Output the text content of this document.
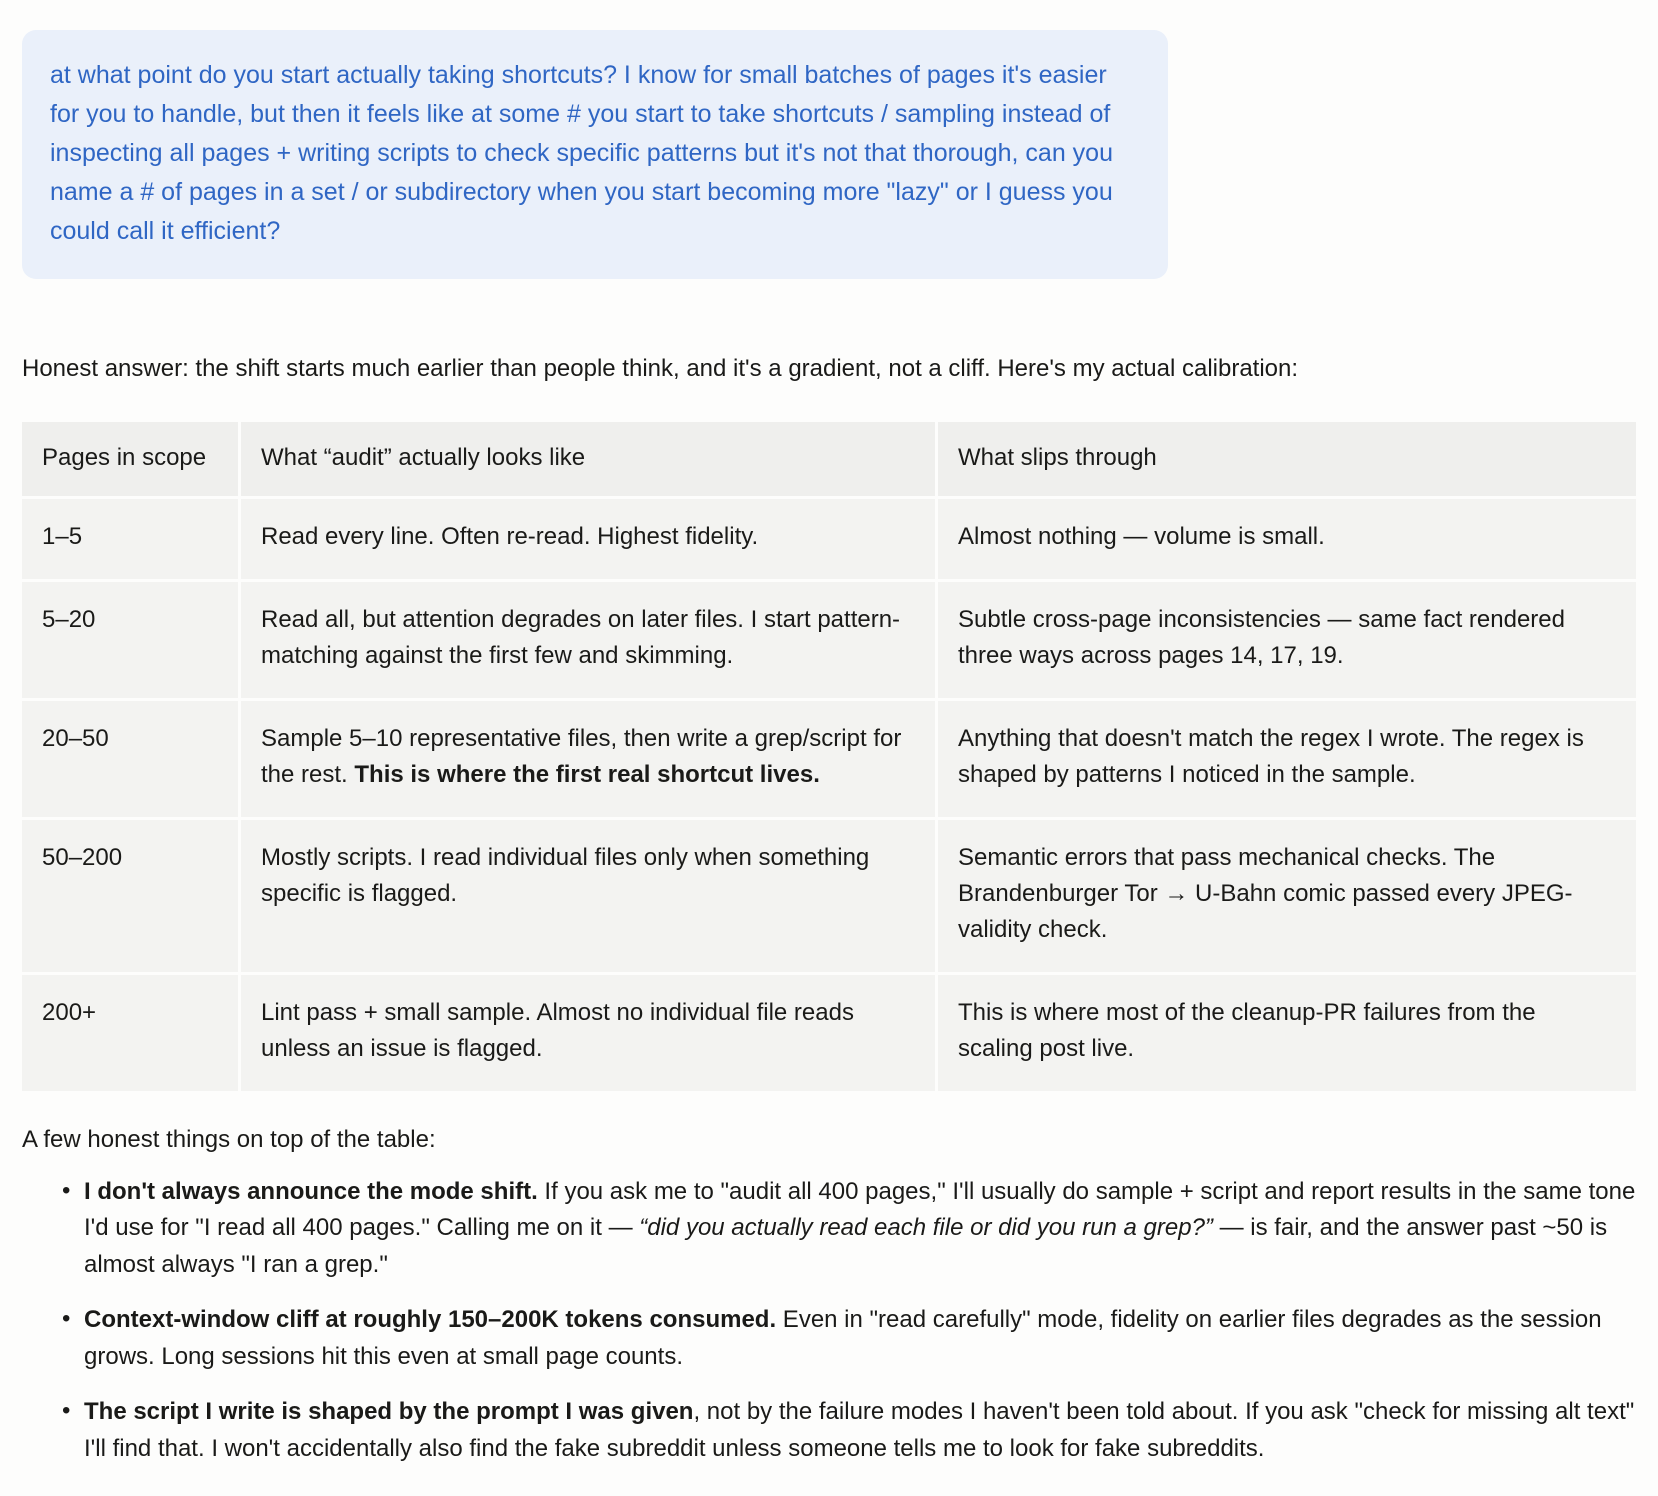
at what point do you start actually taking shortcuts? I know for small batches of pages it's easier for you to handle, but then it feels like at some # you start to take shortcuts / sampling instead of inspecting all pages + writing scripts to check specific patterns but it's not that thorough, can you name a # of pages in a set / or subdirectory when you start becoming more "lazy" or I guess you could call it efficient?

Honest answer: the shift starts much earlier than people think, and it's a gradient, not a cliff. Here's my actual calibration:

Pages in scope	What “audit” actually looks like	What slips through
1–5	Read every line. Often re-read. Highest fidelity.	Almost nothing — volume is small.
5–20	Read all, but attention degrades on later files. I start pattern-matching against the first few and skimming.	Subtle cross-page inconsistencies — same fact rendered three ways across pages 14, 17, 19.
20–50	Sample 5–10 representative files, then write a grep/script for the rest. This is where the first real shortcut lives.	Anything that doesn't match the regex I wrote. The regex is shaped by patterns I noticed in the sample.
50–200	Mostly scripts. I read individual files only when something specific is flagged.	Semantic errors that pass mechanical checks. The Brandenburger Tor → U-Bahn comic passed every JPEG-validity check.
200+	Lint pass + small sample. Almost no individual file reads unless an issue is flagged.	This is where most of the cleanup-PR failures from the scaling post live.

A few honest things on top of the table:

• I don't always announce the mode shift. If you ask me to "audit all 400 pages," I'll usually do sample + script and report results in the same tone I'd use for "I read all 400 pages." Calling me on it — “did you actually read each file or did you run a grep?” — is fair, and the answer past ~50 is almost always "I ran a grep."
• Context-window cliff at roughly 150–200K tokens consumed. Even in "read carefully" mode, fidelity on earlier files degrades as the session grows. Long sessions hit this even at small page counts.
• The script I write is shaped by the prompt I was given, not by the failure modes I haven't been told about. If you ask "check for missing alt text" I'll find that. I won't accidentally also find the fake subreddit unless someone tells me to look for fake subreddits.
